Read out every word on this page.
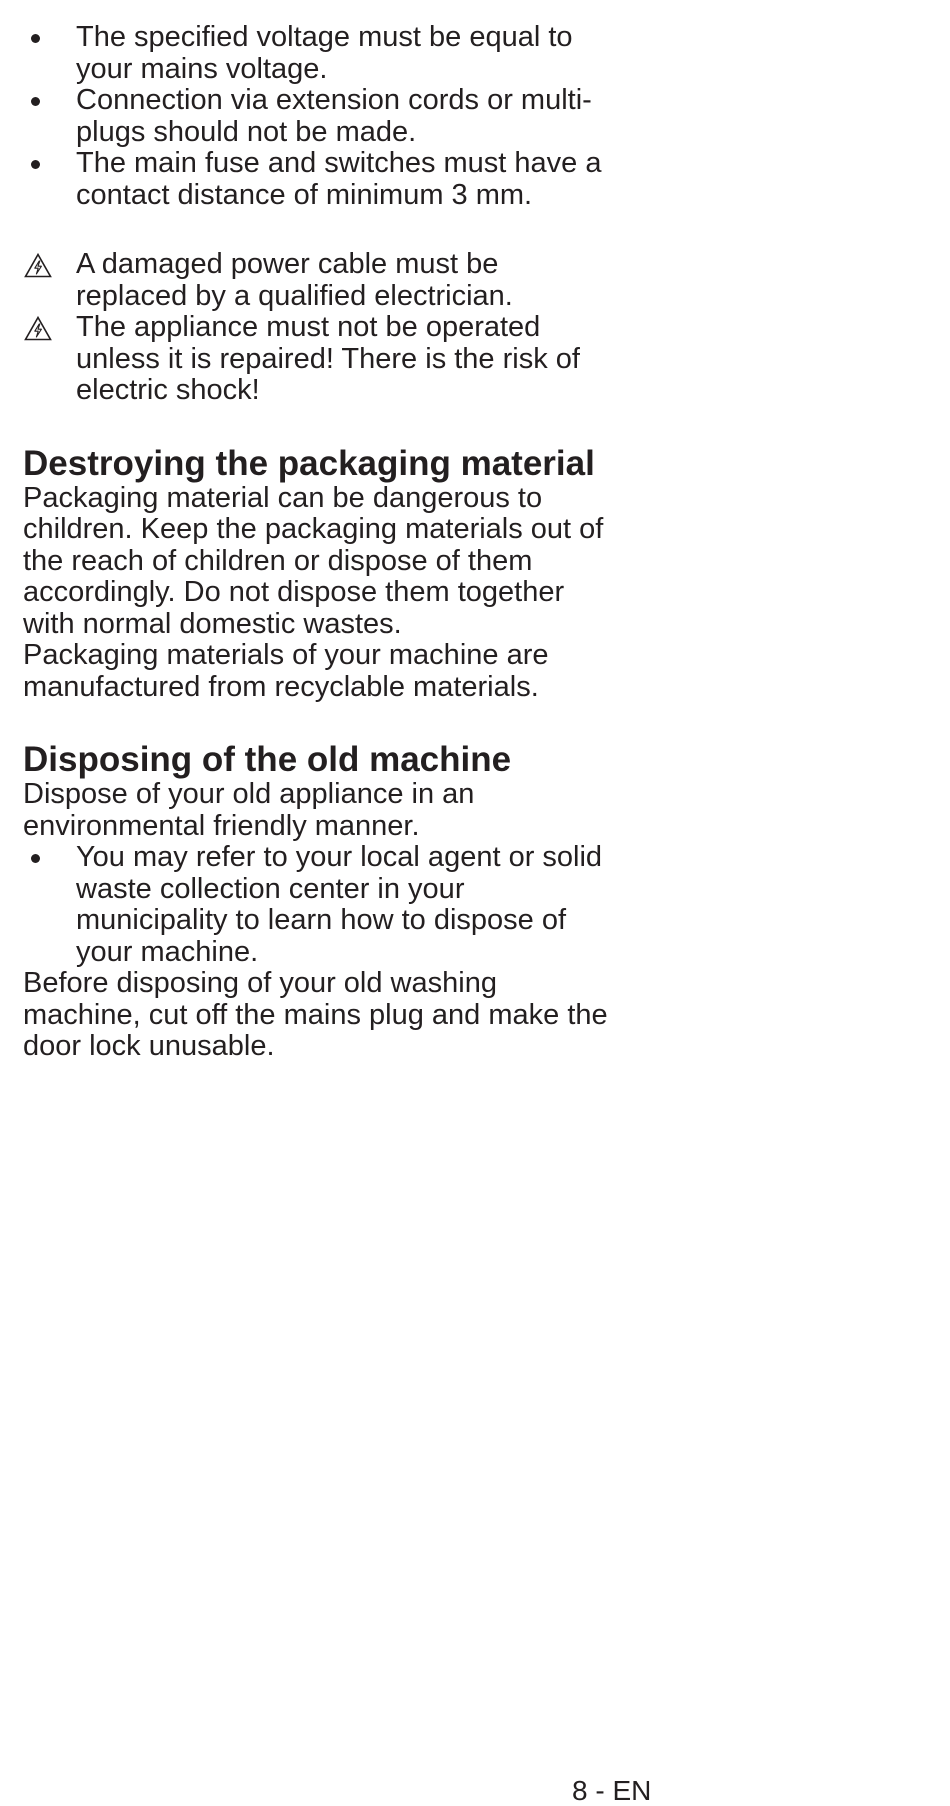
The specified voltage must be equal to your mains voltage.
Connection via extension cords or multi-plugs should not be made.
The main fuse and switches must have a contact distance of minimum 3 mm.
A damaged power cable must be replaced by a qualified electrician.
The appliance must not be operated unless it is repaired! There is the risk of electric shock!
Destroying the packaging material

Packaging material can be dangerous to children. Keep the packaging materials out of the reach of children or dispose of them accordingly. Do not dispose them together with normal domestic wastes.

Packaging materials of your machine are manufactured from recyclable materials.

Disposing of the old machine

Dispose of your old appliance in an environmental friendly manner.

You may refer to your local agent or solid waste collection center in your municipality to learn how to dispose of your machine.

Before disposing of your old washing machine, cut off the mains plug and make the door lock unusable.

8 - EN
